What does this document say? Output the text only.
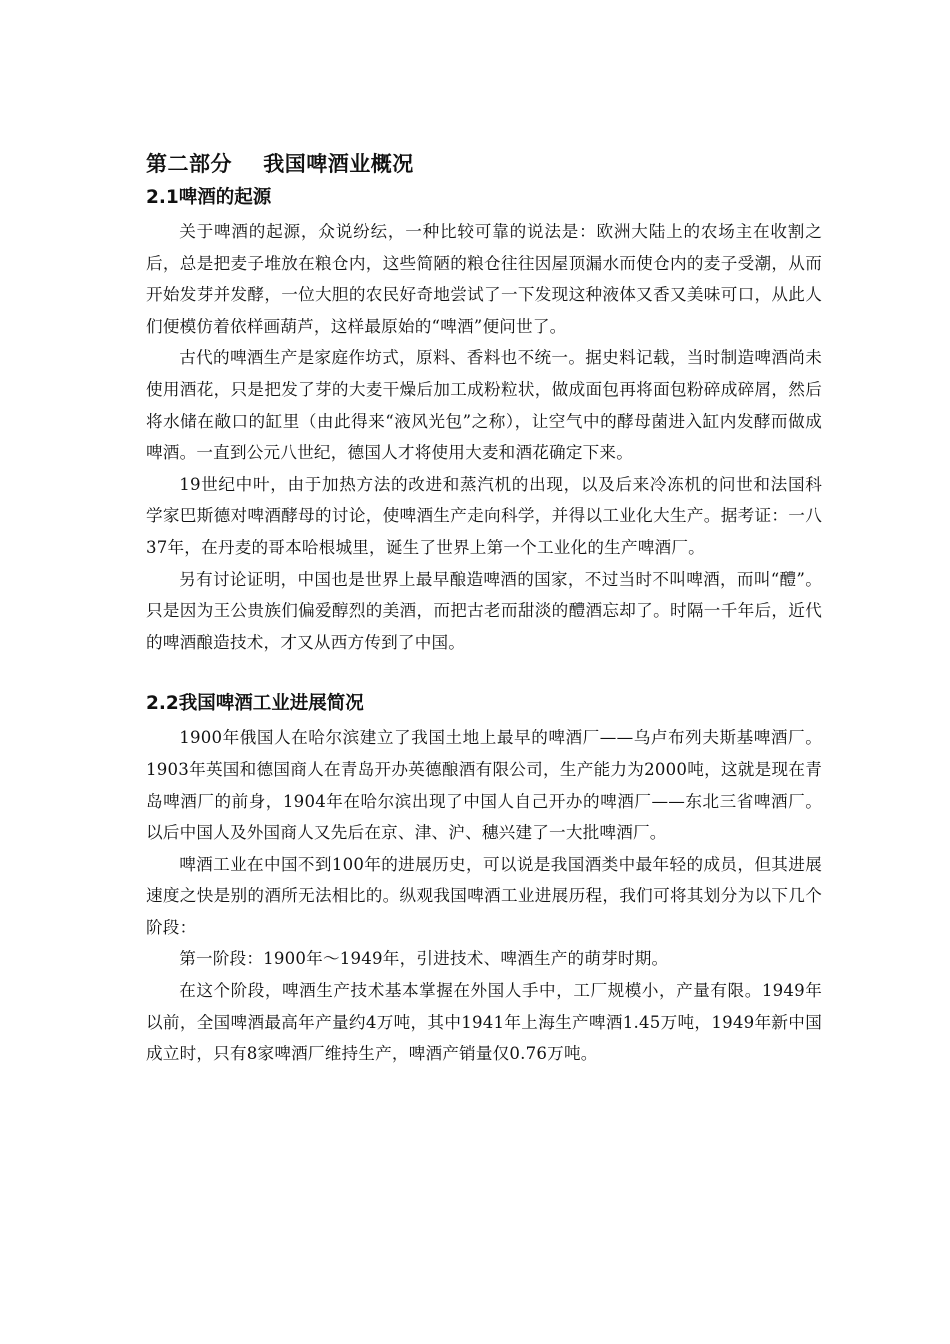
第二部分    我国啤酒业概况
2.1啤酒的起源

关于啤酒的起源，众说纷纭，一种比较可靠的说法是：欧洲大陆上的农场主在收割之后，总是把麦子堆放在粮仓内，这些简陋的粮仓往往因屋顶漏水而使仓内的麦子受潮，从而开始发芽并发酵，一位大胆的农民好奇地尝试了一下发现这种液体又香又美味可口，从此人们便模仿着依样画葫芦，这样最原始的“啤酒”便问世了。

古代的啤酒生产是家庭作坊式，原料、香料也不统一。据史料记载，当时制造啤酒尚未使用酒花，只是把发了芽的大麦干燥后加工成粉粒状，做成面包再将面包粉碎成碎屑，然后将水储在敞口的缸里（由此得来“液风光包”之称），让空气中的酵母菌进入缸内发酵而做成啤酒。一直到公元八世纪，德国人才将使用大麦和酒花确定下来。

19世纪中叶，由于加热方法的改进和蒸汽机的出现，以及后来冷冻机的问世和法国科学家巴斯德对啤酒酵母的讨论，使啤酒生产走向科学，并得以工业化大生产。据考证：一八37年，在丹麦的哥本哈根城里，诞生了世界上第一个工业化的生产啤酒厂。

另有讨论证明，中国也是世界上最早酿造啤酒的国家，不过当时不叫啤酒，而叫“醴”。只是因为王公贵族们偏爱醇烈的美酒，而把古老而甜淡的醴酒忘却了。时隔一千年后，近代的啤酒酿造技术，才又从西方传到了中国。

2.2我国啤酒工业进展简况

1900年俄国人在哈尔滨建立了我国土地上最早的啤酒厂——乌卢布列夫斯基啤酒厂。1903年英国和德国商人在青岛开办英德酿酒有限公司，生产能力为2000吨，这就是现在青岛啤酒厂的前身，1904年在哈尔滨出现了中国人自己开办的啤酒厂——东北三省啤酒厂。以后中国人及外国商人又先后在京、津、沪、穗兴建了一大批啤酒厂。

啤酒工业在中国不到100年的进展历史，可以说是我国酒类中最年轻的成员，但其进展速度之快是别的酒所无法相比的。纵观我国啤酒工业进展历程，我们可将其划分为以下几个阶段：

第一阶段：1900年～1949年，引进技术、啤酒生产的萌芽时期。

在这个阶段，啤酒生产技术基本掌握在外国人手中，工厂规模小，产量有限。1949年以前，全国啤酒最高年产量约4万吨，其中1941年上海生产啤酒1.45万吨，1949年新中国成立时，只有8家啤酒厂维持生产，啤酒产销量仅0.76万吨。
